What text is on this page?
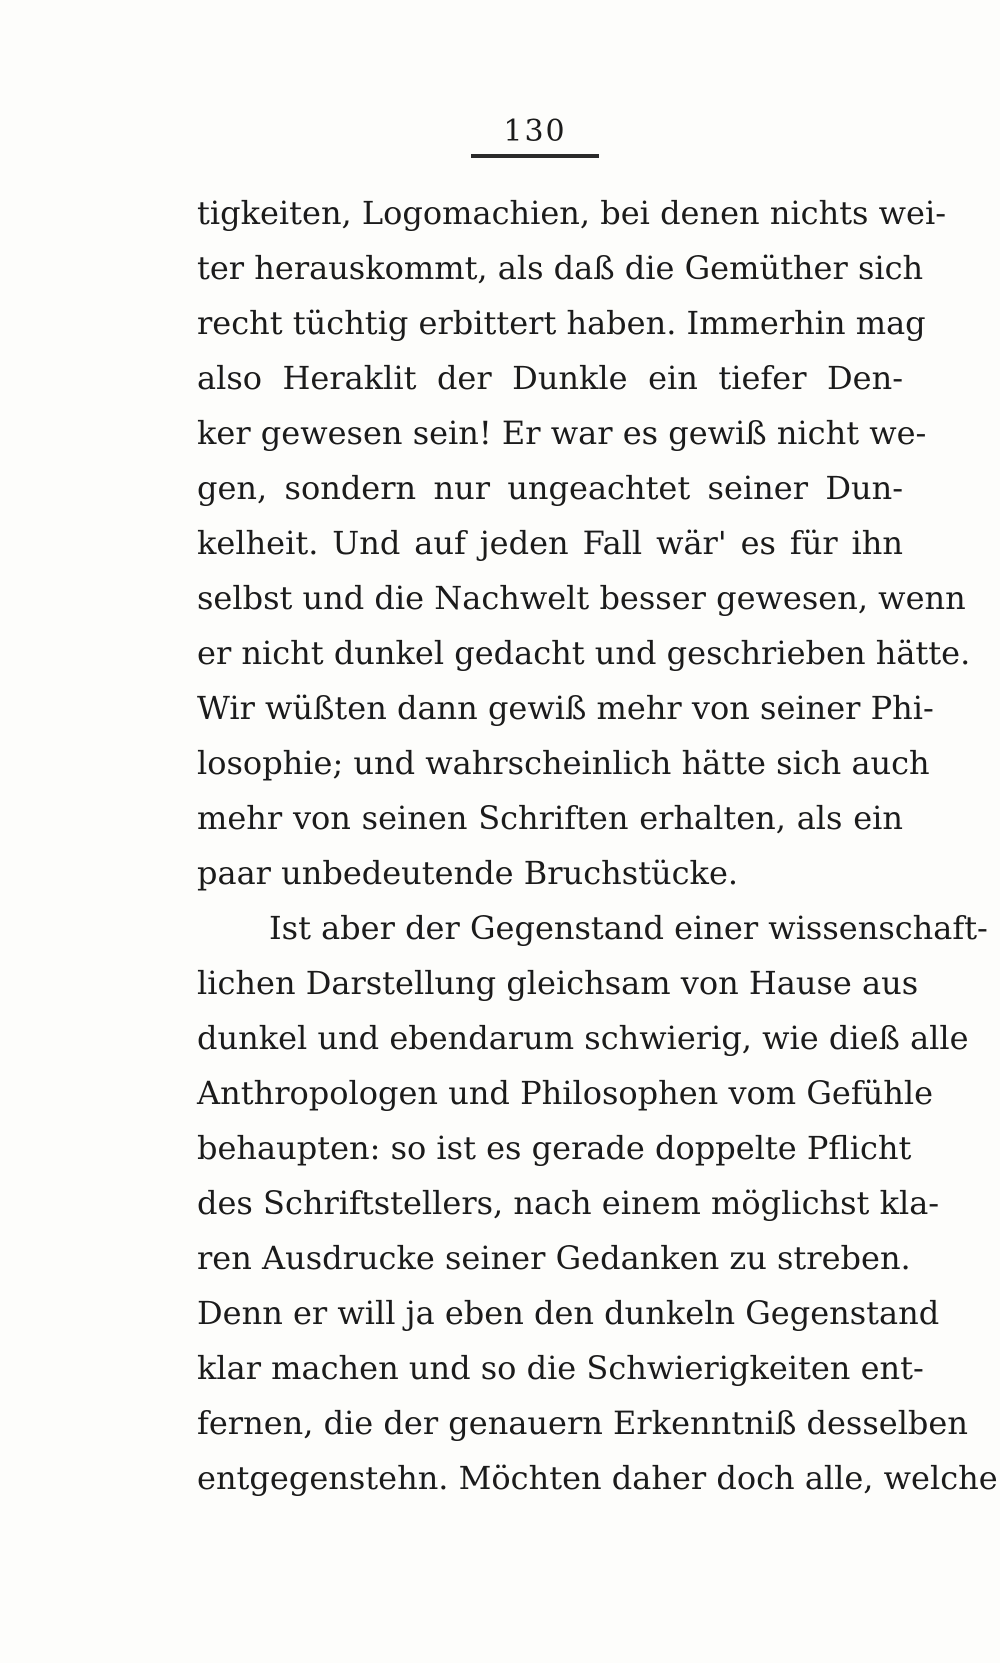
130
tigkeiten, Logomachien, bei denen nichts wei-
ter herauskommt, als daß die Gemüther sich
recht tüchtig erbittert haben. Immerhin mag
also Heraklit der Dunkle ein tiefer Den-
ker gewesen sein! Er war es gewiß nicht we-
gen, sondern nur ungeachtet seiner Dun-
kelheit. Und auf jeden Fall wär' es für ihn
selbst und die Nachwelt besser gewesen, wenn
er nicht dunkel gedacht und geschrieben hätte.
Wir wüßten dann gewiß mehr von seiner Phi-
losophie; und wahrscheinlich hätte sich auch
mehr von seinen Schriften erhalten, als ein
paar unbedeutende Bruchstücke.
Ist aber der Gegenstand einer wissenschaft-
lichen Darstellung gleichsam von Hause aus
dunkel und ebendarum schwierig, wie dieß alle
Anthropologen und Philosophen vom Gefühle
behaupten: so ist es gerade doppelte Pflicht
des Schriftstellers, nach einem möglichst kla-
ren Ausdrucke seiner Gedanken zu streben.
Denn er will ja eben den dunkeln Gegenstand
klar machen und so die Schwierigkeiten ent-
fernen, die der genauern Erkenntniß desselben
entgegenstehn. Möchten daher doch alle, welche
